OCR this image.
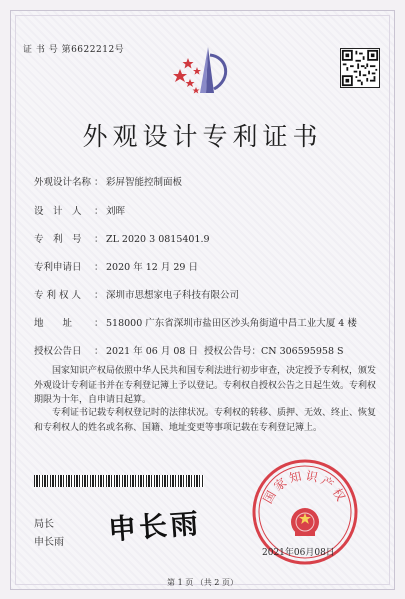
证 书 号 第6622212号
外观设计专利证书
外观设计名称 ： 彩屏智能控制面板
设　计　人 ： 刘晖
专　利　号 ： ZL 2020 3 0815401.9
专利申请日 ： 2020 年 12 月 29 日
专 利 权 人 ： 深圳市思想家电子科技有限公司
地　　址 ： 518000 广东省深圳市盐田区沙头角街道中昌工业大厦 4 楼
授权公告日 ： 2021 年 06 月 08 日 授权公告号：CN 306595958 S
国家知识产权局依照中华人民共和国专利法进行初步审查，决定授予专利权，颁发外观设计专利证书并在专利登记簿上予以登记。专利权自授权公告之日起生效。专利权期限为十年，自申请日起算。
专利证书记载专利权登记时的法律状况。专利权的转移、质押、无效、终止、恢复和专利权人的姓名或名称、国籍、地址变更等事项记载在专利登记簿上。
局长
申长雨 申长雨
国家知识产权
2021年06月08日
第 1 页 （共 2 页）
